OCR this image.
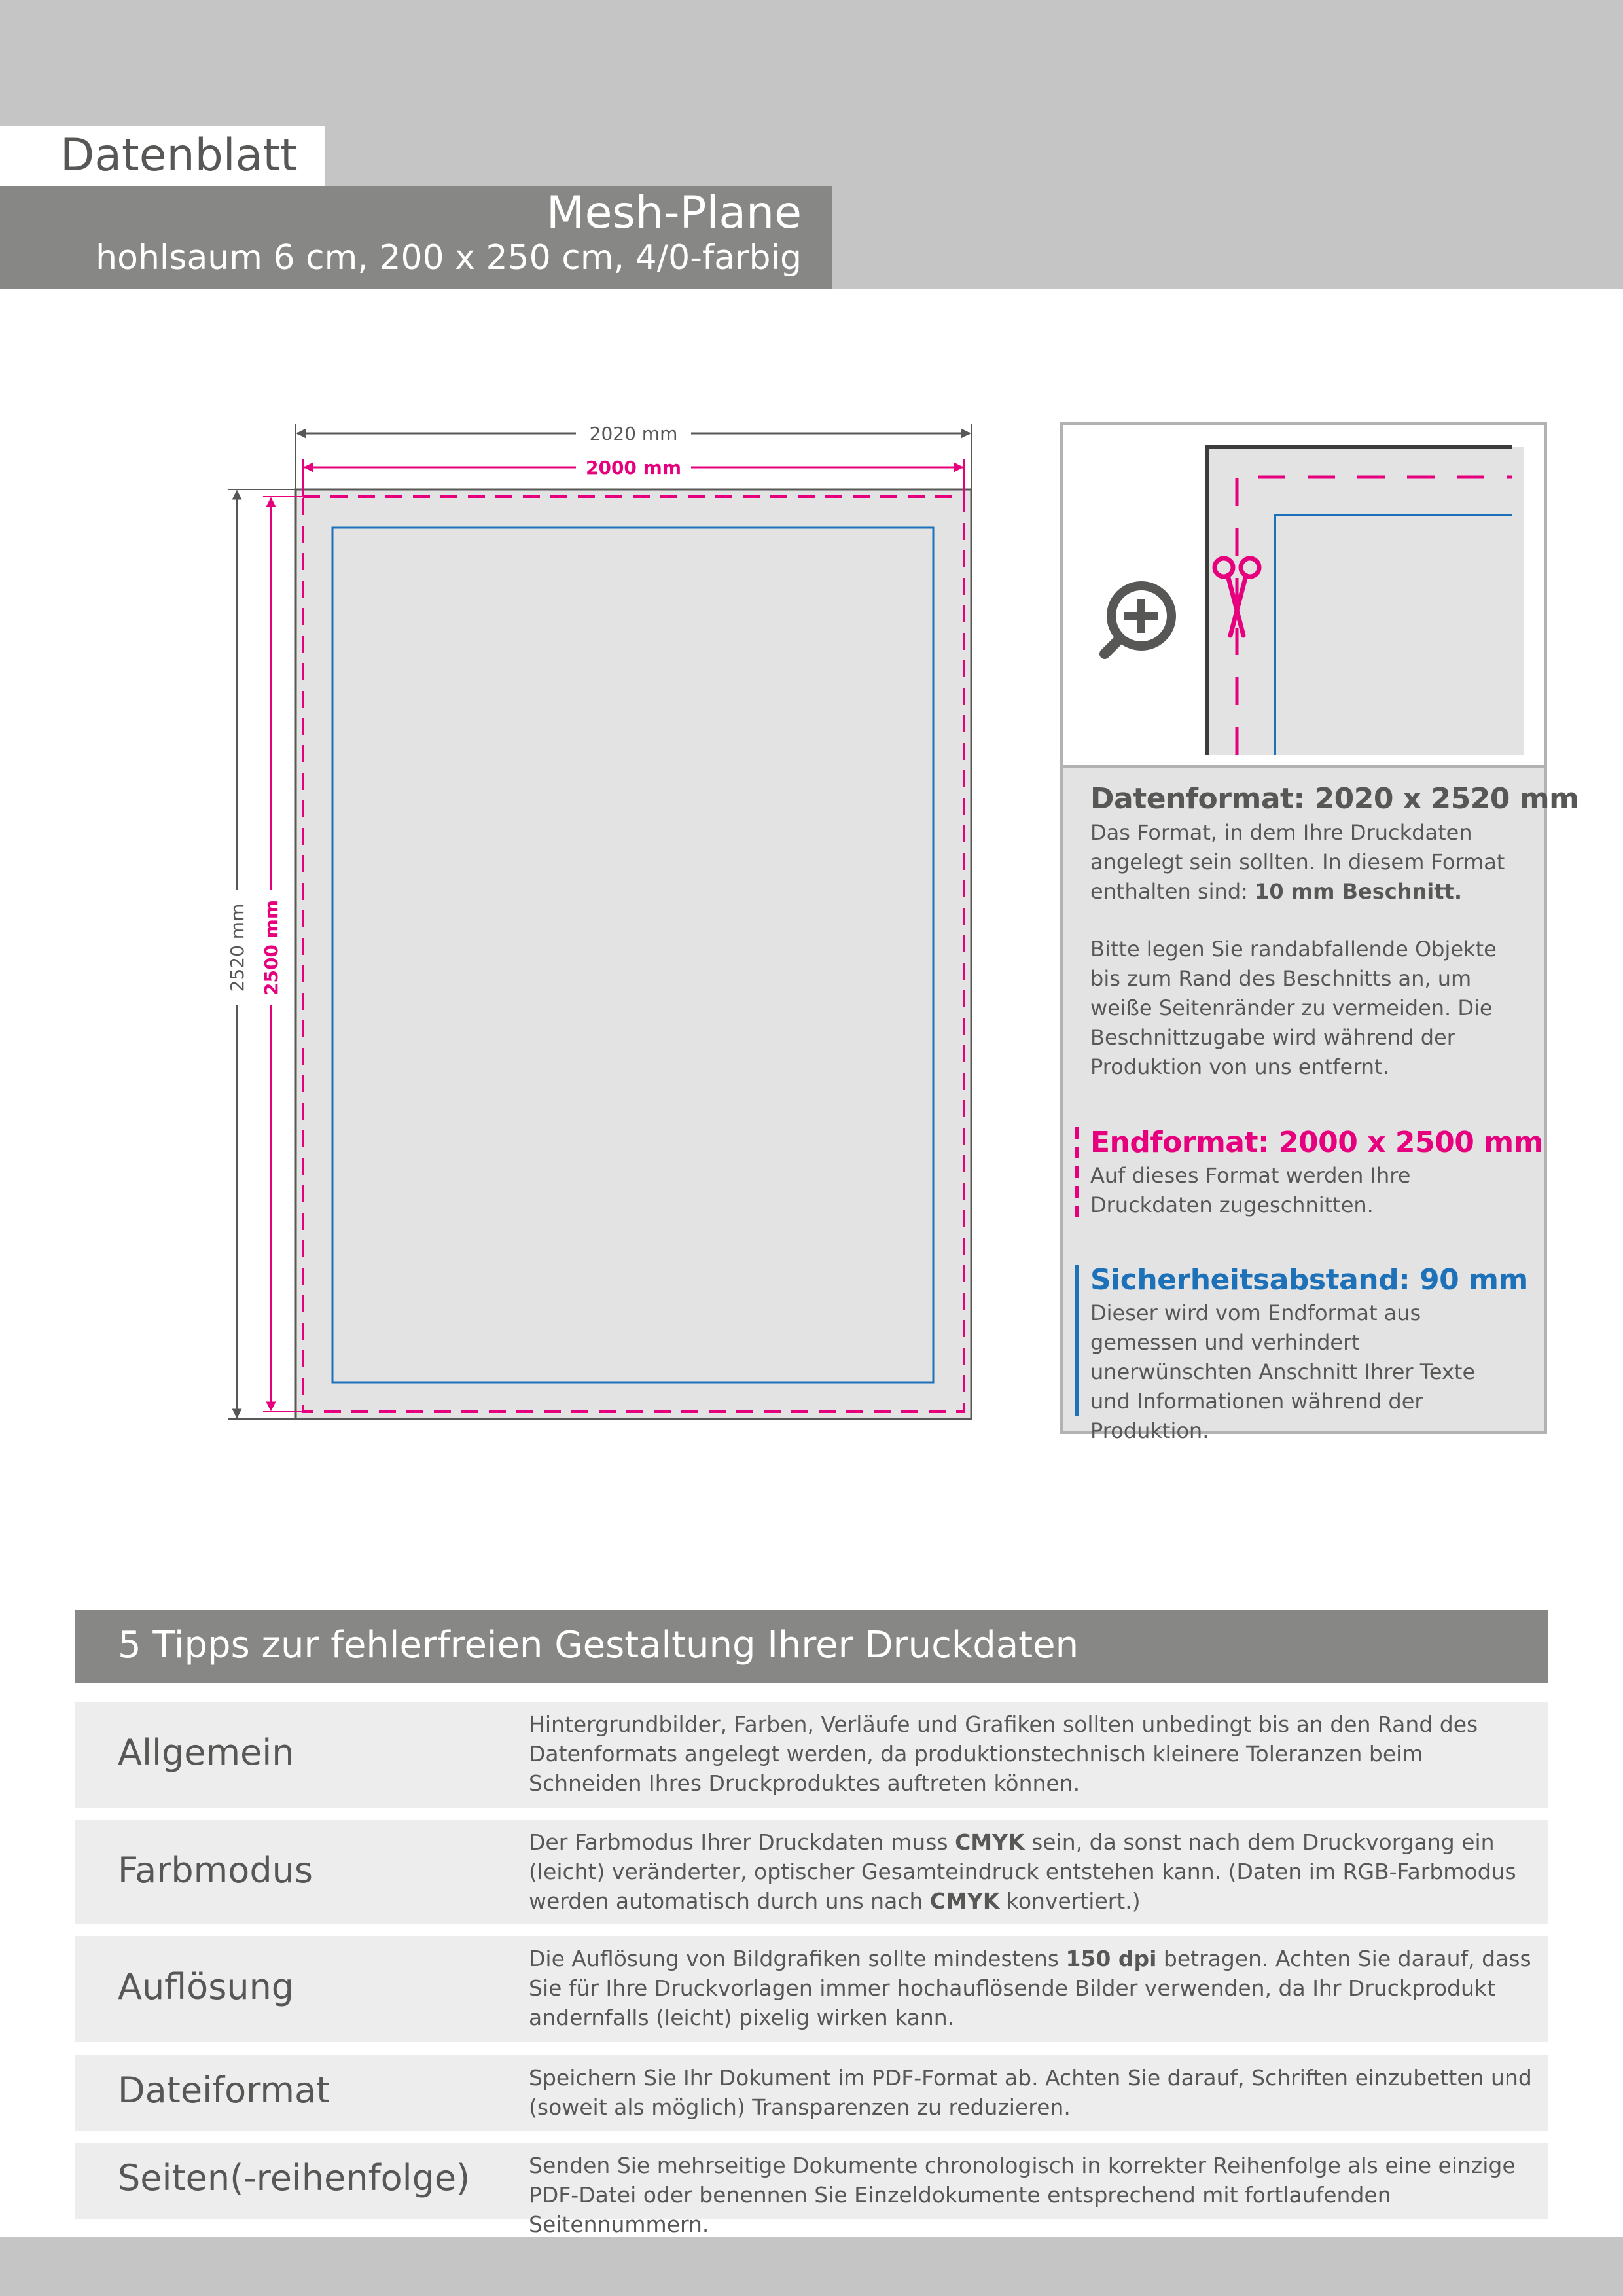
Datenblatt
Mesh-Plane
hohlsaum 6 cm, 200 x 250 cm, 4/0-farbig
2020 mm
2000 mm
2520 mm 2500 mm
Datenformat: 2020 x 2520 mm
Das Format, in dem Ihre Druckdaten angelegt sein sollten. In diesem Format enthalten sind: 10 mm Beschnitt.
Bitte legen Sie randabfallende Objekte bis zum Rand des Beschnitts an, um weiße Seitenränder zu vermeiden. Die Beschnittzugabe wird während der Produktion von uns entfernt.
Endformat: 2000 x 2500 mm
Auf dieses Format werden Ihre Druckdaten zugeschnitten.
Sicherheitsabstand: 90 mm
Dieser wird vom Endformat aus gemessen und verhindert unerwünschten Anschnitt Ihrer Texte und Informationen während der Produktion.
5 Tipps zur fehlerfreien Gestaltung Ihrer Druckdaten
Allgemein
Hintergrundbilder, Farben, Verläufe und Grafiken sollten unbedingt bis an den Rand des Datenformats angelegt werden, da produktionstechnisch kleinere Toleranzen beim Schneiden Ihres Druckproduktes auftreten können.
Farbmodus
Der Farbmodus Ihrer Druckdaten muss CMYK sein, da sonst nach dem Druckvorgang ein (leicht) veränderter, optischer Gesamteindruck entstehen kann. (Daten im RGB-Farbmodus werden automatisch durch uns nach CMYK konvertiert.)
Auflösung
Die Auflösung von Bildgrafiken sollte mindestens 150 dpi betragen. Achten Sie darauf, dass Sie für Ihre Druckvorlagen immer hochauflösende Bilder verwenden, da Ihr Druckprodukt andernfalls (leicht) pixelig wirken kann.
Dateiformat	Speichern Sie Ihr Dokument im PDF-Format ab. Achten Sie darauf, Schriften einzubetten und (soweit als möglich) Transparenzen zu reduzieren.
Seiten(-reihenfolge)	Senden Sie mehrseitige Dokumente chronologisch in korrekter Reihenfolge als eine einzige PDF-Datei oder benennen Sie Einzeldokumente entsprechend mit fortlaufenden Seitennummern.
